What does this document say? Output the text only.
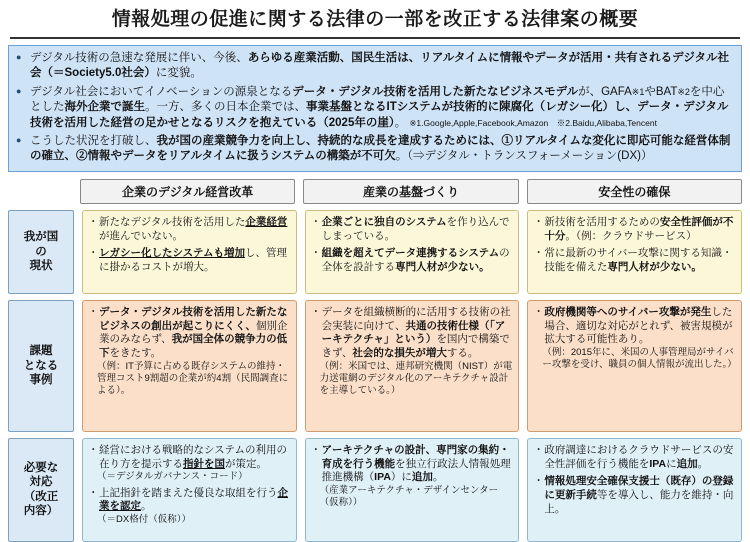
情報処理の促進に関する法律の一部を改正する法律案の概要
● デジタル技術の急速な発展に伴い、今後、あらゆる産業活動、国民生活は、リアルタイムに情報やデータが活用・共有されるデジタル社会（＝Society5.0社会）に変貌。
● デジタル社会においてイノベーションの源泉となるデータ・デジタル技術を活用した新たなビジネスモデルが、GAFA※1やBAT※2を中心とした海外企業で誕生。一方、多くの日本企業では、事業基盤となるITシステムが技術的に陳腐化（レガシー化）し、データ・デジタル技術を活用した経営の足かせとなるリスクを抱えている（2025年の崖）。 ※1.Google,Apple,Facebook,Amazon　※2.Baidu,Alibaba,Tencent
● こうした状況を打破し、我が国の産業競争力を向上し、持続的な成長を達成するためには、①リアルタイムな変化に即応可能な経営体制の確立、②情報やデータをリアルタイムに扱うシステムの構築が不可欠。（⇒デジタル・トランスフォーメーション(DX)）
企業のデジタル経営改革	産業の基盤づくり	安全性の確保
我が国
の
現状
・ 新たなデジタル技術を活用した企業経営が進んでいない。
・ レガシー化したシステムも増加し、管理に掛かるコストが増大。
・ 企業ごとに独自のシステムを作り込んでしまっている。
・ 組織を超えてデータ連携するシステムの全体を設計する専門人材が少ない。
・ 新技術を活用するための安全性評価が不十分。（例：クラウドサービス）
・ 常に最新のサイバー攻撃に関する知識・技能を備えた専門人材が少ない。
課題
となる
事例
・ データ・デジタル技術を活用した新たなビジネスの創出が起こりにくく、個別企業のみならず、我が国全体の競争力の低下をきたす。
（例：IT予算に占める既存システムの維持・管理コスト9割超の企業が約4割（民間調査による）。
・ データを組織横断的に活用する技術の社会実装に向けて、共通の技術仕様（「アーキテクチャ」という）を国内で構築できず、社会的な損失が増大する。
（例：米国では、連邦研究機関（NIST）が電力送電網のデジタル化のアーキテクチャ設計を主導している。）
・ 政府機関等へのサイバー攻撃が発生した場合、適切な対応がとれず、被害規模が拡大する可能性あり。
（例：2015年に、米国の人事管理局がサイバー攻撃を受け、職員の個人情報が流出した。）
必要な
対応
（改正
内容）
・ 経営における戦略的なシステムの利用の在り方を提示する指針を国が策定。
（＝デジタルガバナンス・コード）
・ 上記指針を踏まえた優良な取組を行う企業を認定。
（＝DX格付（仮称））
・ アーキテクチャの設計、専門家の集約・育成を行う機能を独立行政法人情報処理推進機構（IPA）に追加。
（産業アーキテクチャ・デザインセンター（仮称））
・ 政府調達におけるクラウドサービスの安全性評価を行う機能をIPAに追加。
・ 情報処理安全確保支援士（既存）の登録に更新手続等を導入し、能力を維持・向上。
